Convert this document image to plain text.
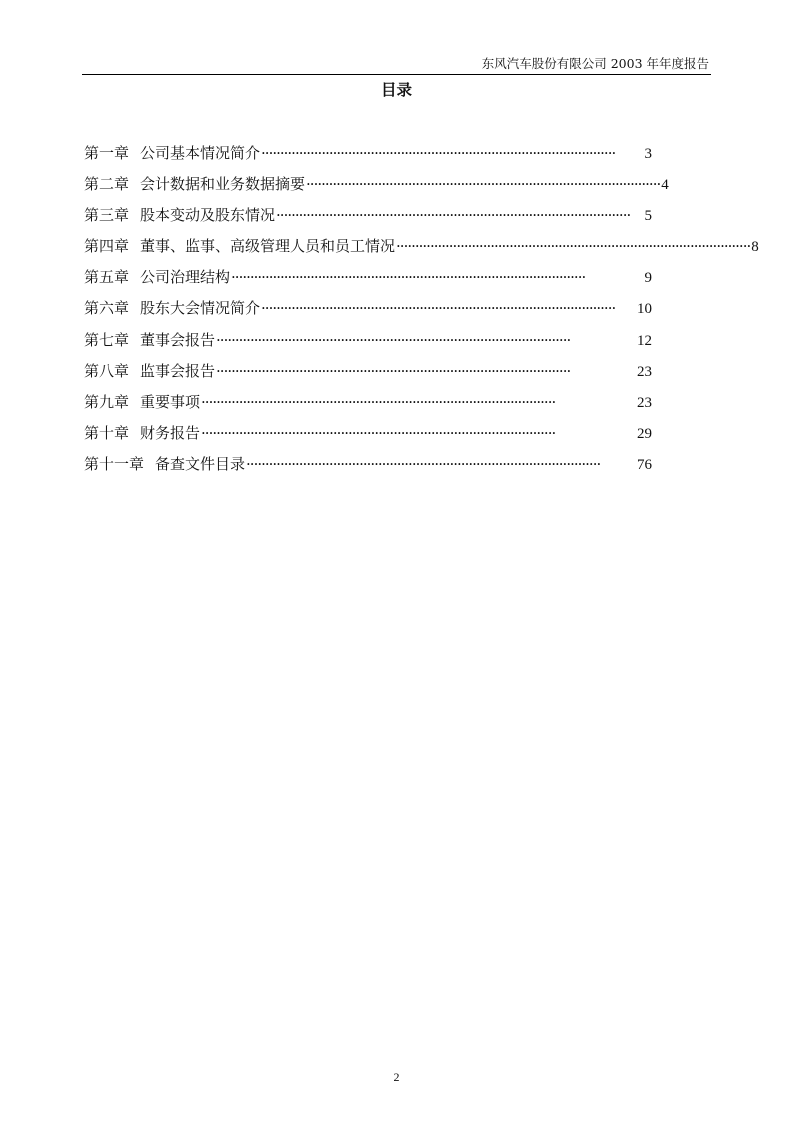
东风汽车股份有限公司 2003 年年度报告
目录
第一章 公司基本情况简介 ······························································································	3
第二章 会计数据和业务数据摘要 ······························································································ 4
第三章 股本变动及股东情况 ······························································································ 5
第四章 董事、监事、高级管理人员和员工情况 ······························································································ 8
第五章 公司治理结构 ······························································································	9
第六章 股东大会情况简介 ······························································································	10
第七章 董事会报告 ······························································································	12
第八章 监事会报告 ······························································································	23
第九章 重要事项 ······························································································	23
第十章 财务报告 ······························································································	29
第十一章 备查文件目录 ······························································································	76
2
